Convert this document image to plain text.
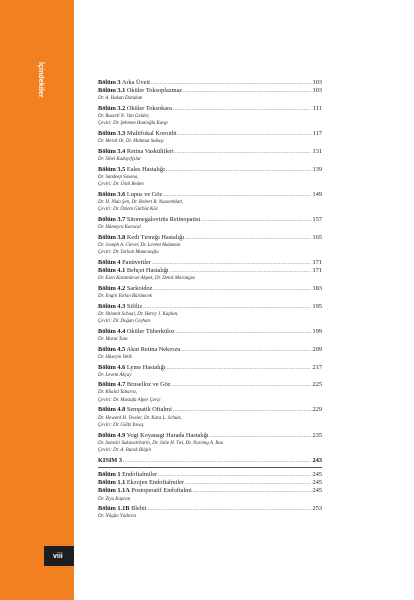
İçindekiler
viii
Bölüm 3 Arka Üveit .....	103
Bölüm 3.1 Oküler Toksoplazmaz .....	103
Dr. A. Hakan Durukan
Bölüm 3.2 Oküler Toksokara .....	111
Dr. Russell N. Van Gelder,
Çeviri: Dr. Şebnem Hanioğlu Kargı
Bölüm 3.3 Multifokal Koroidit .....	117
Dr. Meral Or, Dr. Mahmut Subaşı
Bölüm 3.4 Retina Vaskülitleri .....	131
Dr. Sibel Kadayıfçılar
Bölüm 3.5 Eales Hastalığı .....	139
Dr. Sandeep Saxena,
Çeviri: Dr. Ümit Beden
Bölüm 3.6 Lupus ve Göz .....	149
Dr. H. Nida Şen, Dr. Robert B. Nussenblatt,
Çeviri: Dr. Özlem Gürbüz Köz
Bölüm 3.7 Sitomegalovirüs Retinopatisi .....	157
Dr. Hümeyra Karacal
Bölüm 3.8 Kedi Tırmığı Hastalığı .....	165
Dr. Joseph A. Clever, Dr. Levent Akduman
Çeviri: Dr. Tarkan Mumcuoğlu
Bölüm 4 Panüveitler .....	171
Bölüm 4.1 Behçet Hastalığı .....	171
Dr. Esen Karamürsel Akpek, Dr. Deniz Marangoz
Bölüm 4.2 Sarkoidoz .....	183
Dr. Engin Yarkın Bürümcek
Bölüm 4.3 Sifiliz .....	195
Dr. Shlomit Schaal, Dr. Henry J. Kaplan,
Çeviri: Dr. Doğan Ceyhan
Bölüm 4.4 Oküler Tüberküloz .....	199
Dr. Murat Tunc
Bölüm 4.5 Akut Retina Nekrozu .....	209
Dr. Hüseyin Yetik
Bölüm 4.6 Lyme Hastalığı .....	217
Dr. Levent Akçay
Bölüm 4.7 Bruselloz ve Göz .....	225
Dr. Khalid Tabarra,
Çeviri: Dr. Mustafa Alper Çerçi
Bölüm 4.8 Sempatik Oftalmi .....	229
Dr. Howard H. Tessler, Dr. Kara L. Schulz,
Çeviri: Dr. Gültz Yavaş
Bölüm 4.9 Vogt Koyanagi Harada Hastalığı .....	235
Dr. Somsiri Sukavatcharin, Dr. Jalie H. Twi, Dr. Narsing A. Rao
Çeviri: Dr. A. Burak Bilgin
KISIM 3 .....	243
Bölüm 1 Endoftalmiler .....	245
Bölüm 1.1 Ekzojen Endoftalmiler .....	245
Bölüm 1.1A Postoperatif Endoftalmi .....	245
Dr. Ziya Kapran
Bölüm 1.1B Blebit .....	253
Dr. Nilgün Yıldırım
